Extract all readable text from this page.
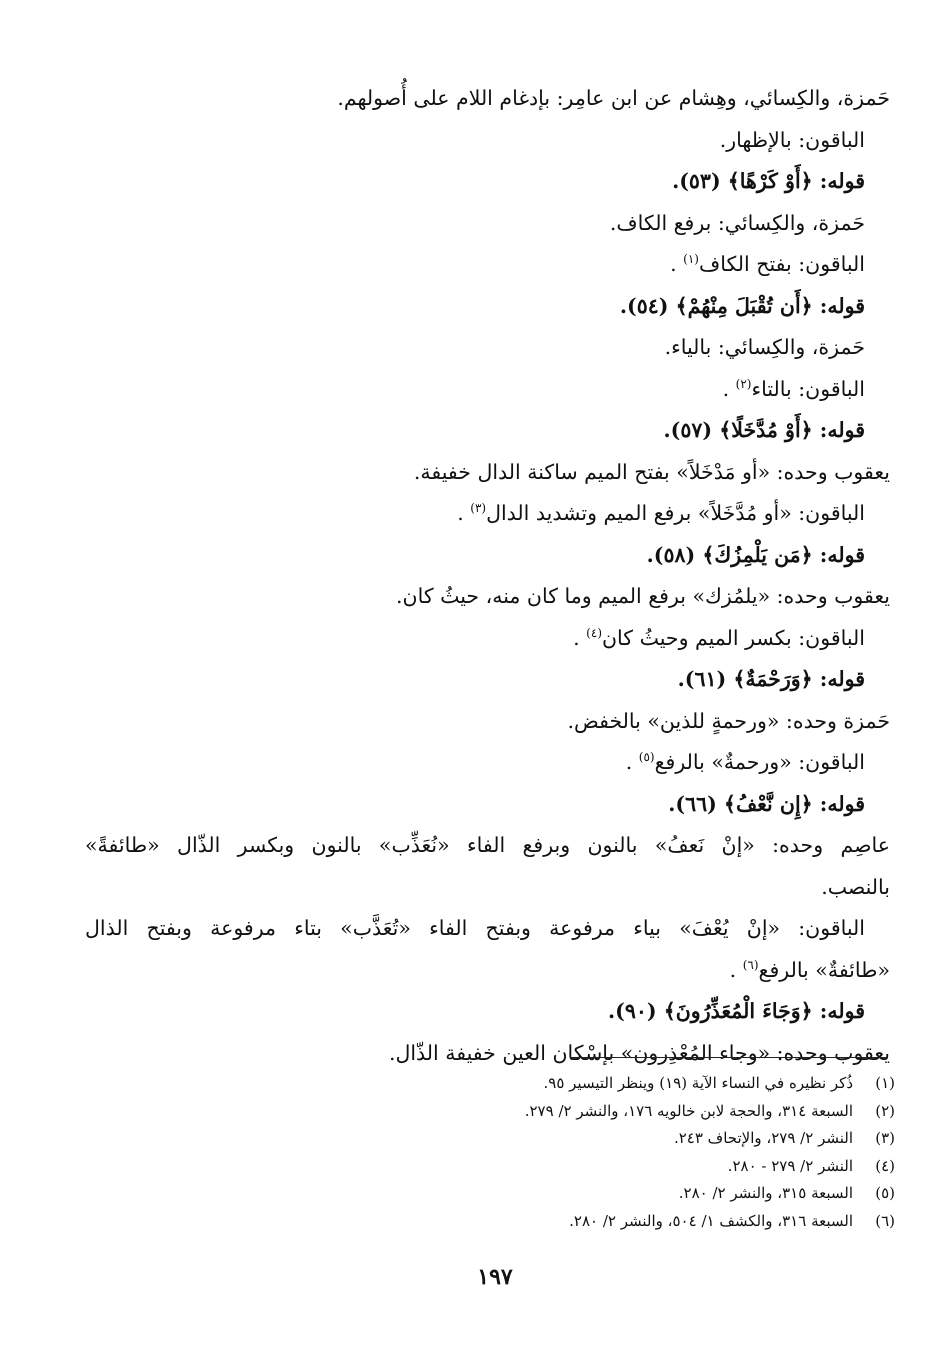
حَمزة، والكِسائي، وهِشام عن ابن عامِر: بإدغام اللام على أُصولهم.
الباقون: بالإظهار.
قوله: ﴿أَوْ كَرْهًا﴾ (٥٣).
حَمزة، والكِسائي: برفع الكاف.
الباقون: بفتح الكاف$^{(١)}$ .
قوله: ﴿أَن تُقْبَلَ مِنْهُمْ﴾ (٥٤).
حَمزة، والكِسائي: بالياء.
الباقون: بالتاء$^{(٢)}$ .
قوله: ﴿أَوْ مُدَّخَلًا﴾ (٥٧).
يعقوب وحده: «أو مَدْخَلاً» بفتح الميم ساكنة الدال خفيفة.
الباقون: «أو مُدَّخَلاً» برفع الميم وتشديد الدال$^{(٣)}$ .
قوله: ﴿مَن يَلْمِزُكَ﴾ (٥٨).
يعقوب وحده: «يلمُزك» برفع الميم وما كان منه، حيثُ كان.
الباقون: بكسر الميم وحيثُ كان$^{(٤)}$ .
قوله: ﴿وَرَحْمَةٌ﴾ (٦١).
حَمزة وحده: «ورحمةٍ للذين» بالخفض.
الباقون: «ورحمةٌ» بالرفع$^{(٥)}$ .
قوله: ﴿إِن نَّعْفُ﴾ (٦٦).
عاصِم وحده: «إنْ نَعفُ» بالنون وبرفع الفاء «نُعَذِّب» بالنون وبكسر الذّال «طائفةً»
بالنصب.
الباقون: «إنْ يُعْفَ» بياء مرفوعة وبفتح الفاء «تُعَذَّب» بتاء مرفوعة وبفتح الذال
«طائفةٌ» بالرفع$^{(٦)}$ .
قوله: ﴿وَجَاءَ الْمُعَذِّرُونَ﴾ (٩٠).
يعقوب وحده: «وجاء المُعْذِرون» بإسْكان العين خفيفة الذّال.
(١)ذُكر نظيره في النساء الآية (١٩) وينظر التيسير ٩٥.
(٢)السبعة ٣١٤، والحجة لابن خالويه ١٧٦، والنشر ٢/ ٢٧٩.
(٣)النشر ٢/ ٢٧٩، والإتحاف ٢٤٣.
(٤)النشر ٢/ ٢٧٩ - ٢٨٠.
(٥)السبعة ٣١٥، والنشر ٢/ ٢٨٠.
(٦)السبعة ٣١٦، والكشف ١/ ٥٠٤، والنشر ٢/ ٢٨٠.
١٩٧
